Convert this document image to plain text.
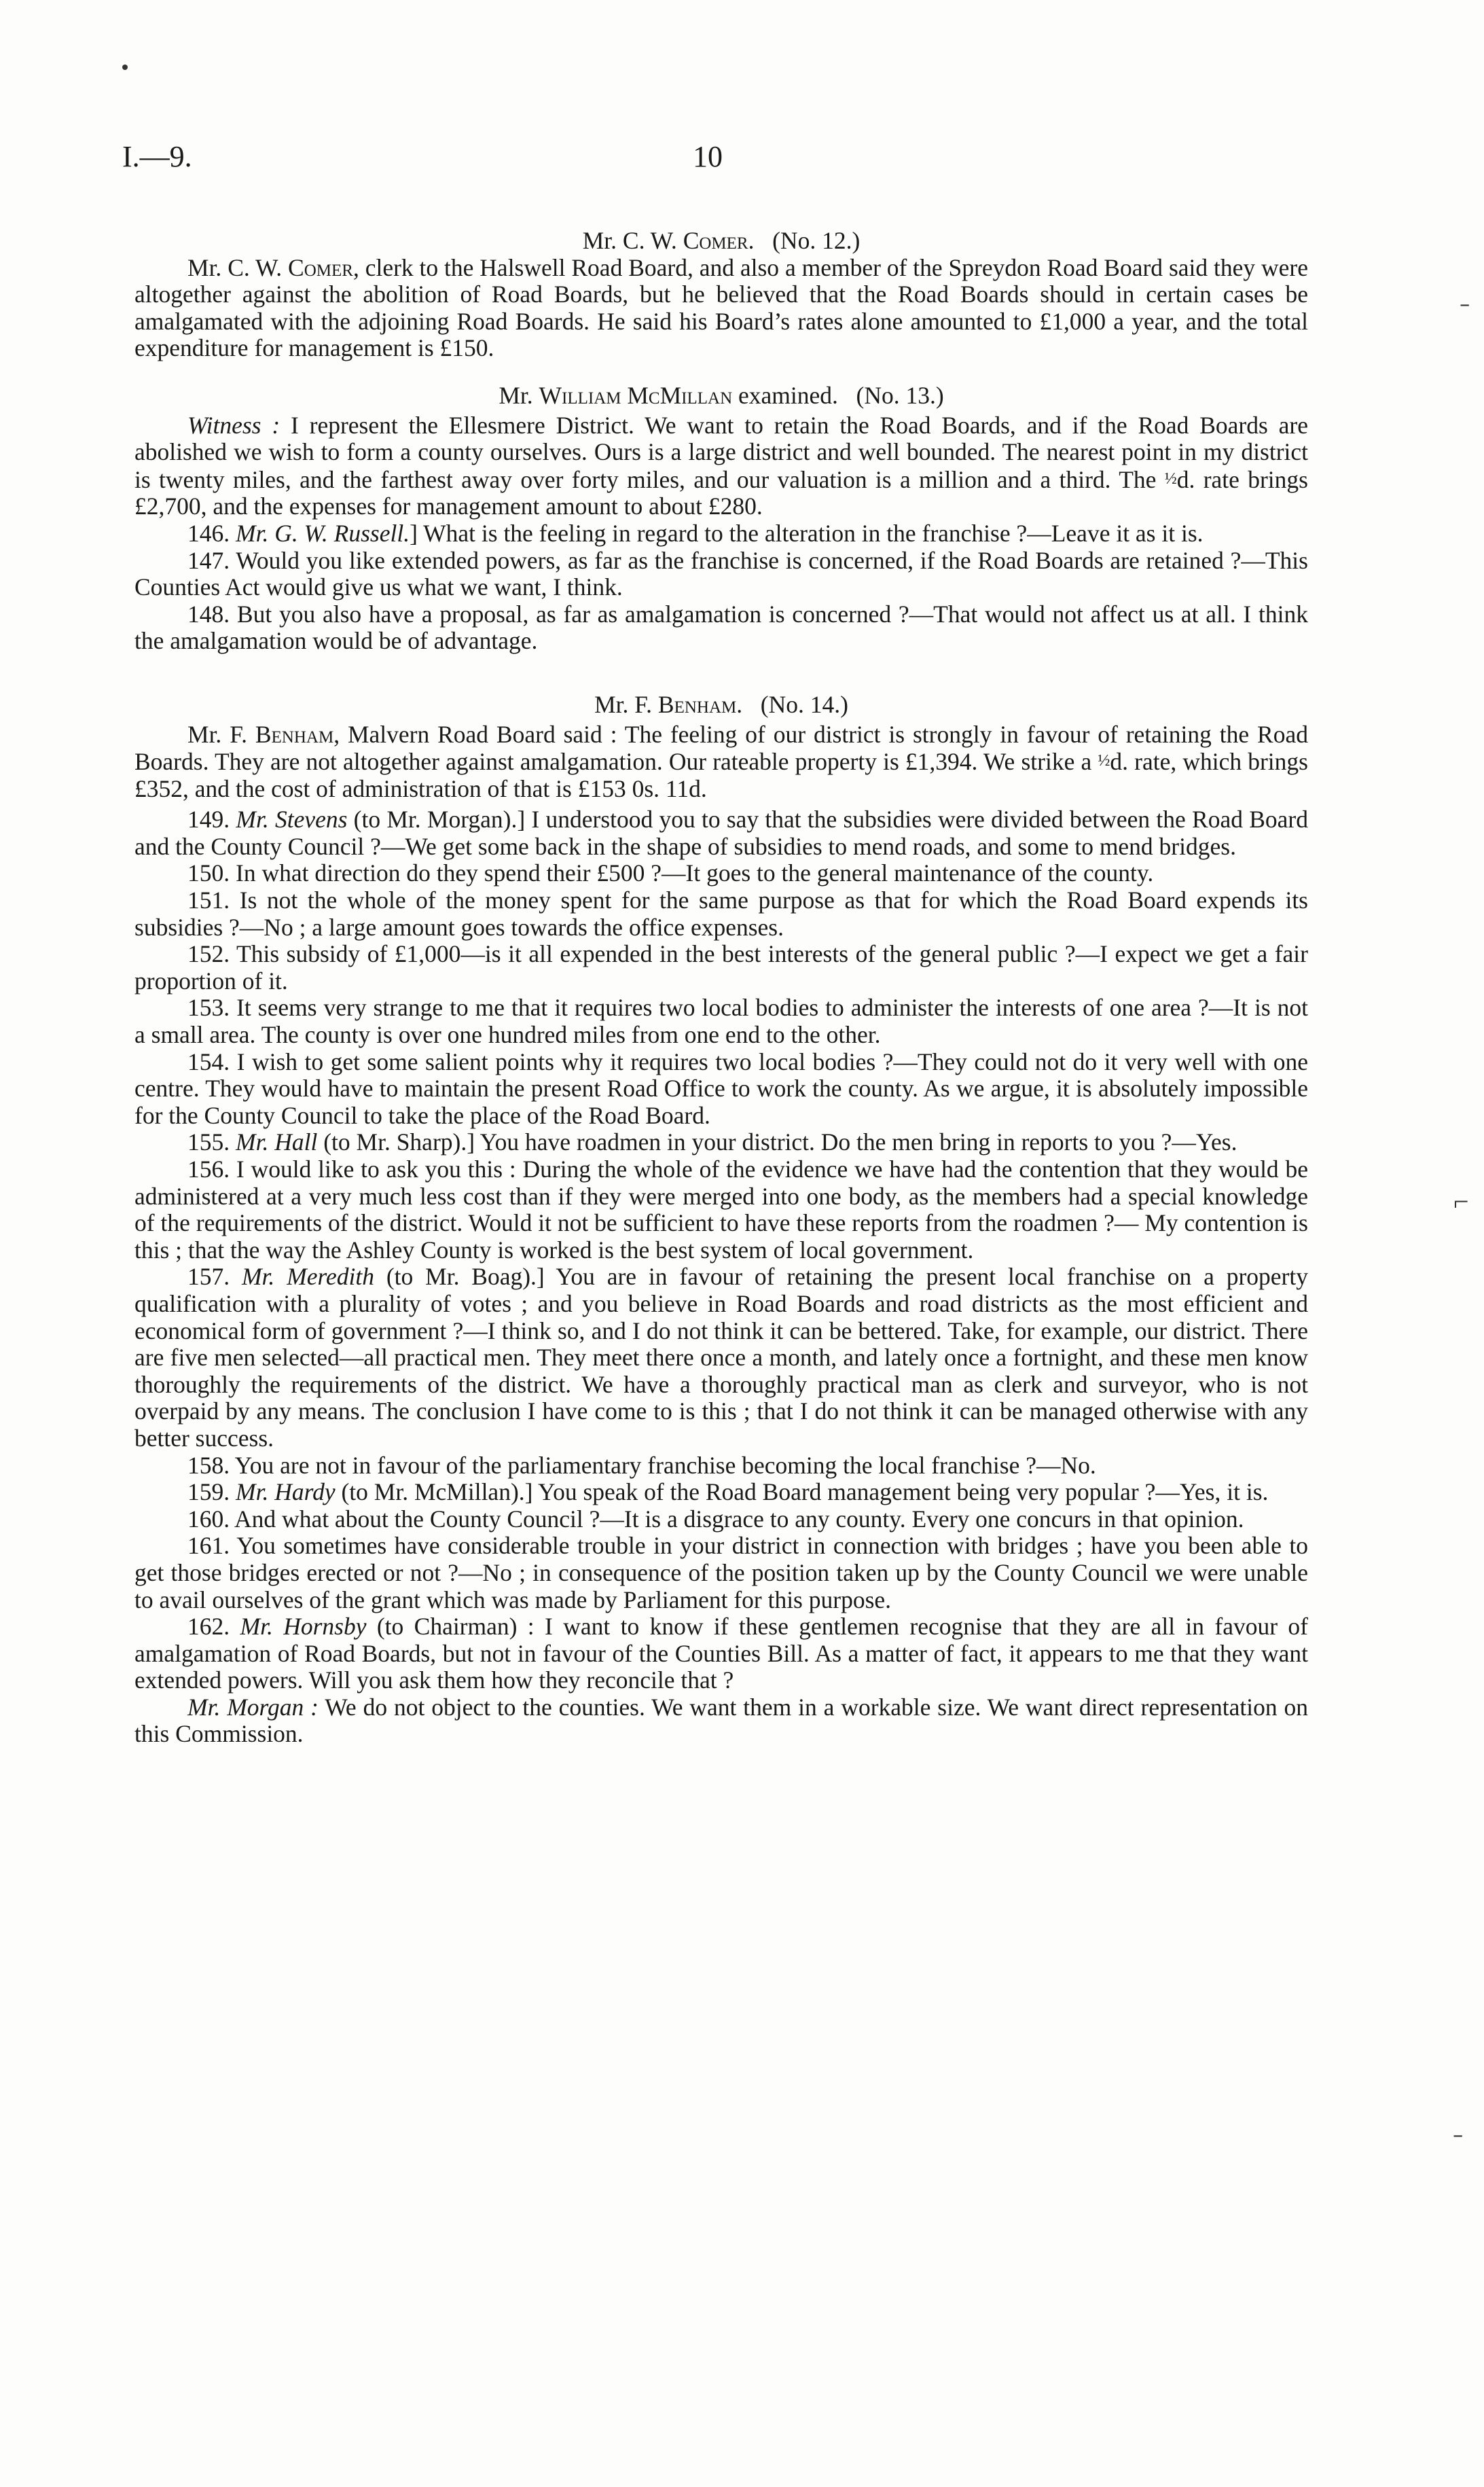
I.—9.	10
Mr. C. W. Comer. (No. 12.)

Mr. C. W. Comer, clerk to the Halswell Road Board, and also a member of the Spreydon Road Board said they were altogether against the abolition of Road Boards, but he believed that the Road Boards should in certain cases be amalgamated with the adjoining Road Boards. He said his Board’s rates alone amounted to £1,000 a year, and the total expenditure for management is £150.

Mr. William McMillan examined. (No. 13.)

Witness : I represent the Ellesmere District. We want to retain the Road Boards, and if the Road Boards are abolished we wish to form a county ourselves. Ours is a large district and well bounded. The nearest point in my district is twenty miles, and the farthest away over forty miles, and our valuation is a million and a third. The ½d. rate brings £2,700, and the expenses for management amount to about £280.

146. Mr. G. W. Russell.] What is the feeling in regard to the alteration in the franchise ?—Leave it as it is.

147. Would you like extended powers, as far as the franchise is concerned, if the Road Boards are retained ?—This Counties Act would give us what we want, I think.

148. But you also have a proposal, as far as amalgamation is concerned ?—That would not affect us at all. I think the amalgamation would be of advantage.

Mr. F. Benham. (No. 14.)

Mr. F. Benham, Malvern Road Board said : The feeling of our district is strongly in favour of retaining the Road Boards. They are not altogether against amalgamation. Our rateable property is £1,394. We strike a ½d. rate, which brings £352, and the cost of administration of that is £153 0s. 11d.

149. Mr. Stevens (to Mr. Morgan).] I understood you to say that the subsidies were divided between the Road Board and the County Council ?—We get some back in the shape of subsidies to mend roads, and some to mend bridges.

150. In what direction do they spend their £500 ?—It goes to the general maintenance of the county.

151. Is not the whole of the money spent for the same purpose as that for which the Road Board expends its subsidies ?—No ; a large amount goes towards the office expenses.

152. This subsidy of £1,000—is it all expended in the best interests of the general public ?—I expect we get a fair proportion of it.

153. It seems very strange to me that it requires two local bodies to administer the interests of one area ?—It is not a small area. The county is over one hundred miles from one end to the other.

154. I wish to get some salient points why it requires two local bodies ?—They could not do it very well with one centre. They would have to maintain the present Road Office to work the county. As we argue, it is absolutely impossible for the County Council to take the place of the Road Board.

155. Mr. Hall (to Mr. Sharp).] You have roadmen in your district. Do the men bring in reports to you ?—Yes.

156. I would like to ask you this : During the whole of the evidence we have had the contention that they would be administered at a very much less cost than if they were merged into one body, as the members had a special knowledge of the requirements of the district. Would it not be sufficient to have these reports from the roadmen ?— My contention is this ; that the way the Ashley County is worked is the best system of local government.

157. Mr. Meredith (to Mr. Boag).] You are in favour of retaining the present local franchise on a property qualification with a plurality of votes ; and you believe in Road Boards and road districts as the most efficient and economical form of government ?—I think so, and I do not think it can be bettered. Take, for example, our district. There are five men selected—all practical men. They meet there once a month, and lately once a fortnight, and these men know thoroughly the requirements of the district. We have a thoroughly practical man as clerk and surveyor, who is not overpaid by any means. The conclusion I have come to is this ; that I do not think it can be managed otherwise with any better success.

158. You are not in favour of the parliamentary franchise becoming the local franchise ?—No.

159. Mr. Hardy (to Mr. McMillan).] You speak of the Road Board management being very popular ?—Yes, it is.

160. And what about the County Council ?—It is a disgrace to any county. Every one concurs in that opinion.

161. You sometimes have considerable trouble in your district in connection with bridges ; have you been able to get those bridges erected or not ?—No ; in consequence of the position taken up by the County Council we were unable to avail ourselves of the grant which was made by Parliament for this purpose.

162. Mr. Hornsby (to Chairman) : I want to know if these gentlemen recognise that they are all in favour of amalgamation of Road Boards, but not in favour of the Counties Bill. As a matter of fact, it appears to me that they want extended powers. Will you ask them how they reconcile that ?

Mr. Morgan : We do not object to the counties. We want them in a workable size. We want direct representation on this Commission.

˗
⌐
˗
